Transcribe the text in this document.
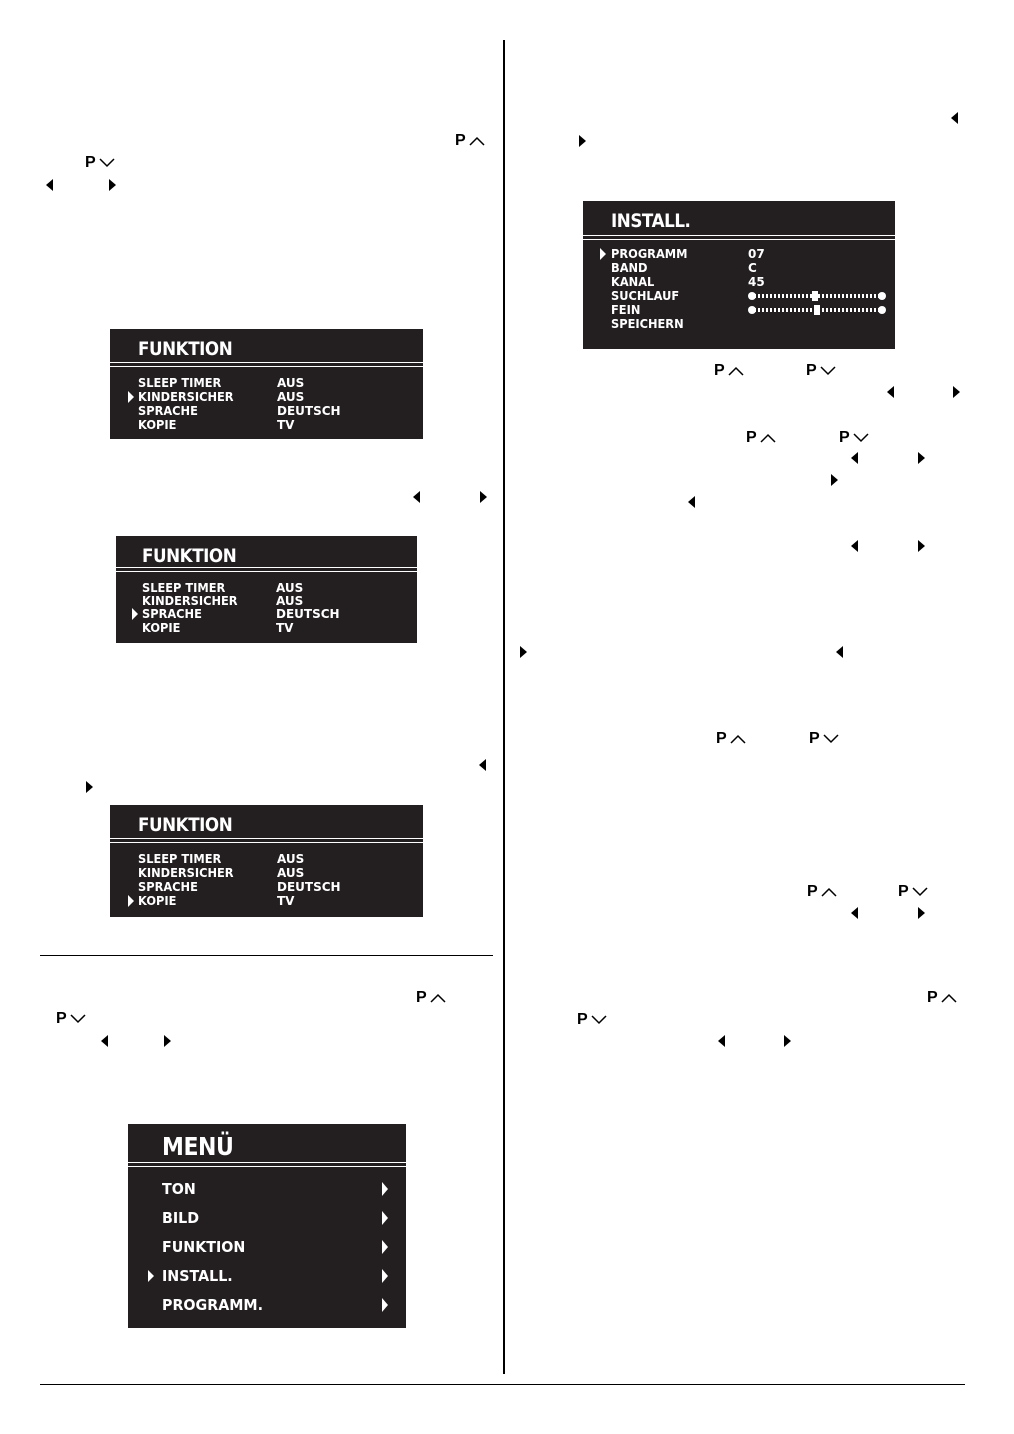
P
P
FUNKTION
SLEEP TIMER	AUS
KINDERSICHER	AUS
SPRACHE	DEUTSCH
KOPIE	TV
FUNKTION
SLEEP TIMER	AUS
KINDERSICHER	AUS
SPRACHE	DEUTSCH
KOPIE	TV
FUNKTION
SLEEP TIMER	AUS
KINDERSICHER	AUS
SPRACHE	DEUTSCH
KOPIE	TV
P
P
MENÜ
TON
BILD
FUNKTION
INSTALL.
PROGRAMM.
INSTALL.
PROGRAMM	07
BAND	C
KANAL	45
SUCHLAUF
FEIN
SPEICHERN
P	P
P	P
P	P
P	P
P
P
